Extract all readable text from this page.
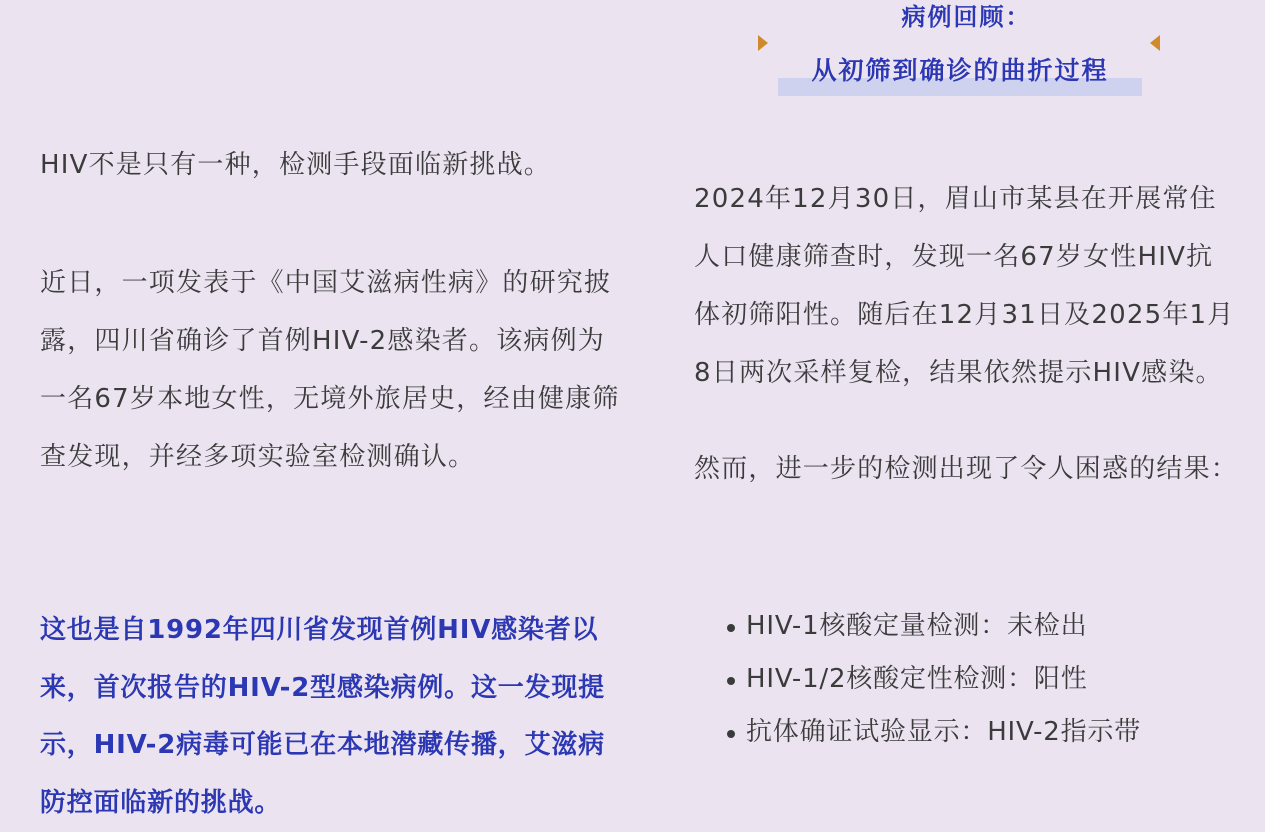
HIV不是只有一种，检测手段面临新挑战。

近日，一项发表于《中国艾滋病性病》的研究披露，四川省确诊了首例HIV-2感染者。该病例为一名67岁本地女性，无境外旅居史，经由健康筛查发现，并经多项实验室检测确认。

这也是自1992年四川省发现首例HIV感染者以来，首次报告的HIV-2型感染病例。这一发现提示，HIV-2病毒可能已在本地潜藏传播，艾滋病防控面临新的挑战。

病例回顾：
从初筛到确诊的曲折过程

2024年12月30日，眉山市某县在开展常住人口健康筛查时，发现一名67岁女性HIV抗体初筛阳性。随后在12月31日及2025年1月8日两次采样复检，结果依然提示HIV感染。

然而，进一步的检测出现了令人困惑的结果：

HIV-1核酸定量检测：未检出
HIV-1/2核酸定性检测：阳性
抗体确证试验显示：HIV-2指示带
